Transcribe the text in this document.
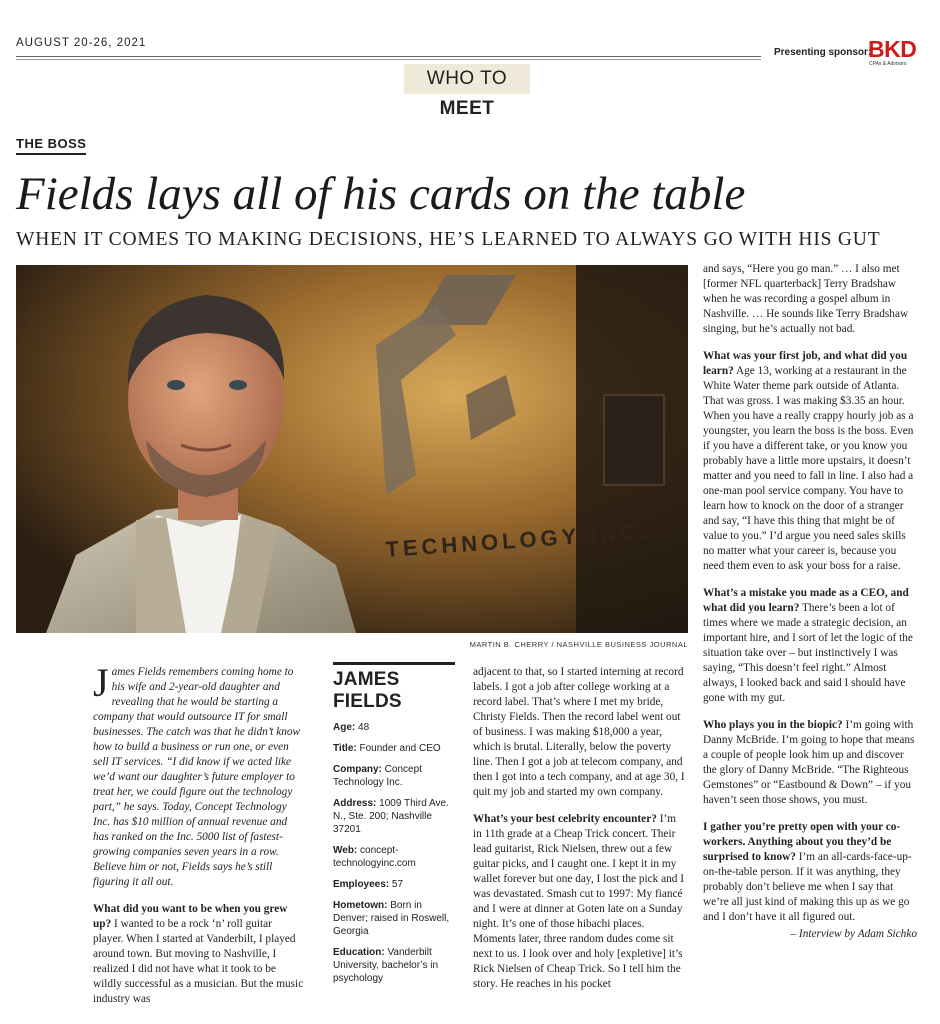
AUGUST 20-26, 2021
Presenting sponsor:
BKD
CPAs & Advisors
WHO TO MEET
THE BOSS
Fields lays all of his cards on the table
WHEN IT COMES TO MAKING DECISIONS, HE’S LEARNED TO ALWAYS GO WITH HIS GUT
TECHNOLOGY INC.
MARTIN B. CHERRY / NASHVILLE BUSINESS JOURNAL

James Fields remembers coming home to his wife and 2-year-old daughter and revealing that he would be starting a company that would outsource IT for small businesses. The catch was that he didn’t know how to build a business or run one, or even sell IT services. “I did know if we acted like we’d want our daughter’s future employer to treat her, we could figure out the technology part,” he says. Today, Concept Technology Inc. has $10 million of annual revenue and has ranked on the Inc. 5000 list of fastest-growing companies seven years in a row. Believe him or not, Fields says he’s still figuring it all out.

What did you want to be when you grew up? I wanted to be a rock ‘n’ roll guitar player. When I started at Vanderbilt, I played around town. But moving to Nashville, I realized I did not have what it took to be wildly successful as a musician. But the music industry was

JAMES FIELDS
Age: 48
Title: Founder and CEO
Company: Concept Technology Inc.
Address: 1009 Third Ave. N., Ste. 200; Nashville 37201
Web: concept-technologyinc.com
Employees: 57
Hometown: Born in Denver; raised in Roswell, Georgia
Education: Vanderbilt University, bachelor’s in psychology

adjacent to that, so I started interning at record labels. I got a job after college working at a record label. That’s where I met my bride, Christy Fields. Then the record label went out of business. I was making $18,000 a year, which is brutal. Literally, below the poverty line. Then I got a job at telecom company, and then I got into a tech company, and at age 30, I quit my job and started my own company.

What’s your best celebrity encounter? I’m in 11th grade at a Cheap Trick concert. Their lead guitarist, Rick Nielsen, threw out a few guitar picks, and I caught one. I kept it in my wallet forever but one day, I lost the pick and I was devastated. Smash cut to 1997: My fiancé and I were at dinner at Goten late on a Sunday night. It’s one of those hibachi places. Moments later, three random dudes come sit next to us. I look over and holy [expletive] it’s Rick Nielsen of Cheap Trick. So I tell him the story. He reaches in his pocket

and says, “Here you go man.” … I also met [former NFL quarterback] Terry Bradshaw when he was recording a gospel album in Nashville. … He sounds like Terry Bradshaw singing, but he’s actually not bad.

What was your first job, and what did you learn? Age 13, working at a restaurant in the White Water theme park outside of Atlanta. That was gross. I was making $3.35 an hour. When you have a really crappy hourly job as a youngster, you learn the boss is the boss. Even if you have a different take, or you know you probably have a little more upstairs, it doesn’t matter and you need to fall in line. I also had a one-man pool service company. You have to learn how to knock on the door of a stranger and say, “I have this thing that might be of value to you.” I’d argue you need sales skills no matter what your career is, because you need them even to ask your boss for a raise.

What’s a mistake you made as a CEO, and what did you learn? There’s been a lot of times where we made a strategic decision, an important hire, and I sort of let the logic of the situation take over – but instinctively I was saying, “This doesn’t feel right.” Almost always, I looked back and said I should have gone with my gut.

Who plays you in the biopic? I’m going with Danny McBride. I’m going to hope that means a couple of people look him up and discover the glory of Danny McBride. “The Righteous Gemstones” or “Eastbound & Down” – if you haven’t seen those shows, you must.

I gather you’re pretty open with your co-workers. Anything about you they’d be surprised to know? I’m an all-cards-face-up-on-the-table person. If it was anything, they probably don’t believe me when I say that we’re all just kind of making this up as we go and I don’t have it all figured out.

– Interview by Adam Sichko
